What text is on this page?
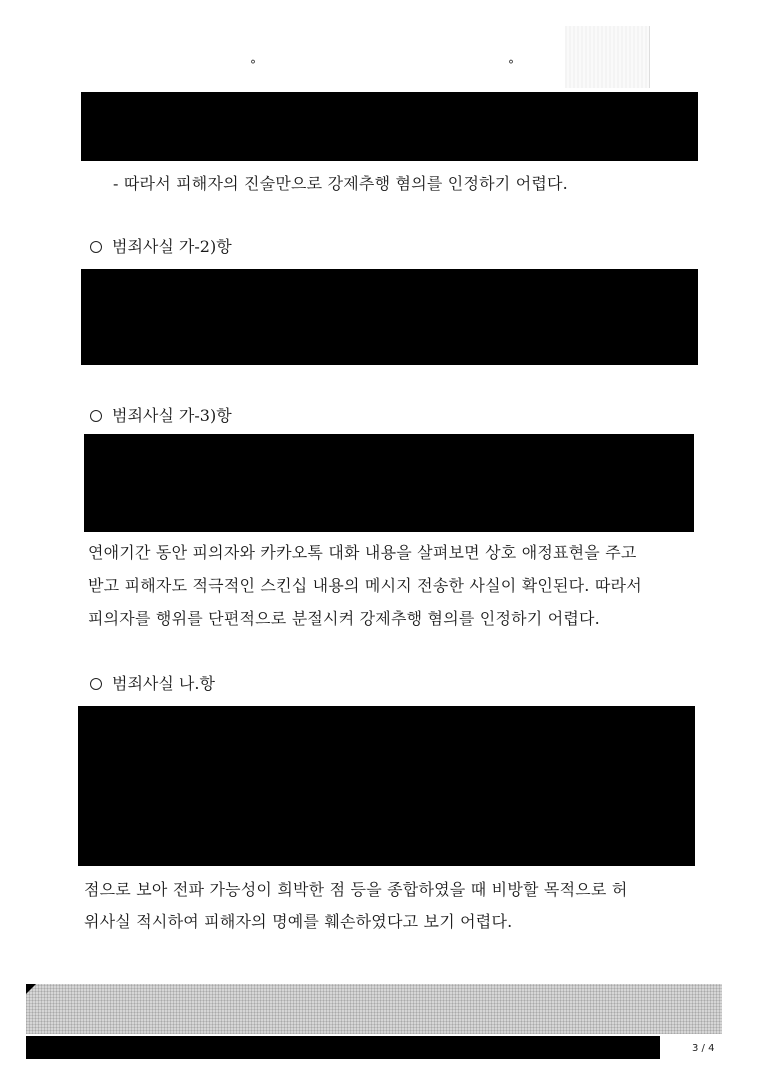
°	°
- 따라서 피해자의 진술만으로 강제추행 혐의를 인정하기 어렵다.
범죄사실 가-2)항
범죄사실 가-3)항
연애기간 동안 피의자와 카카오톡 대화 내용을 살펴보면 상호 애정표현을 주고
받고 피해자도 적극적인 스킨십 내용의 메시지 전송한 사실이 확인된다. 따라서
피의자를 행위를 단편적으로 분절시켜 강제추행 혐의를 인정하기 어렵다.
범죄사실 나.항
점으로 보아 전파 가능성이 희박한 점 등을 종합하였을 때 비방할 목적으로 허
위사실 적시하여 피해자의 명예를 훼손하였다고 보기 어렵다.
3 / 4
